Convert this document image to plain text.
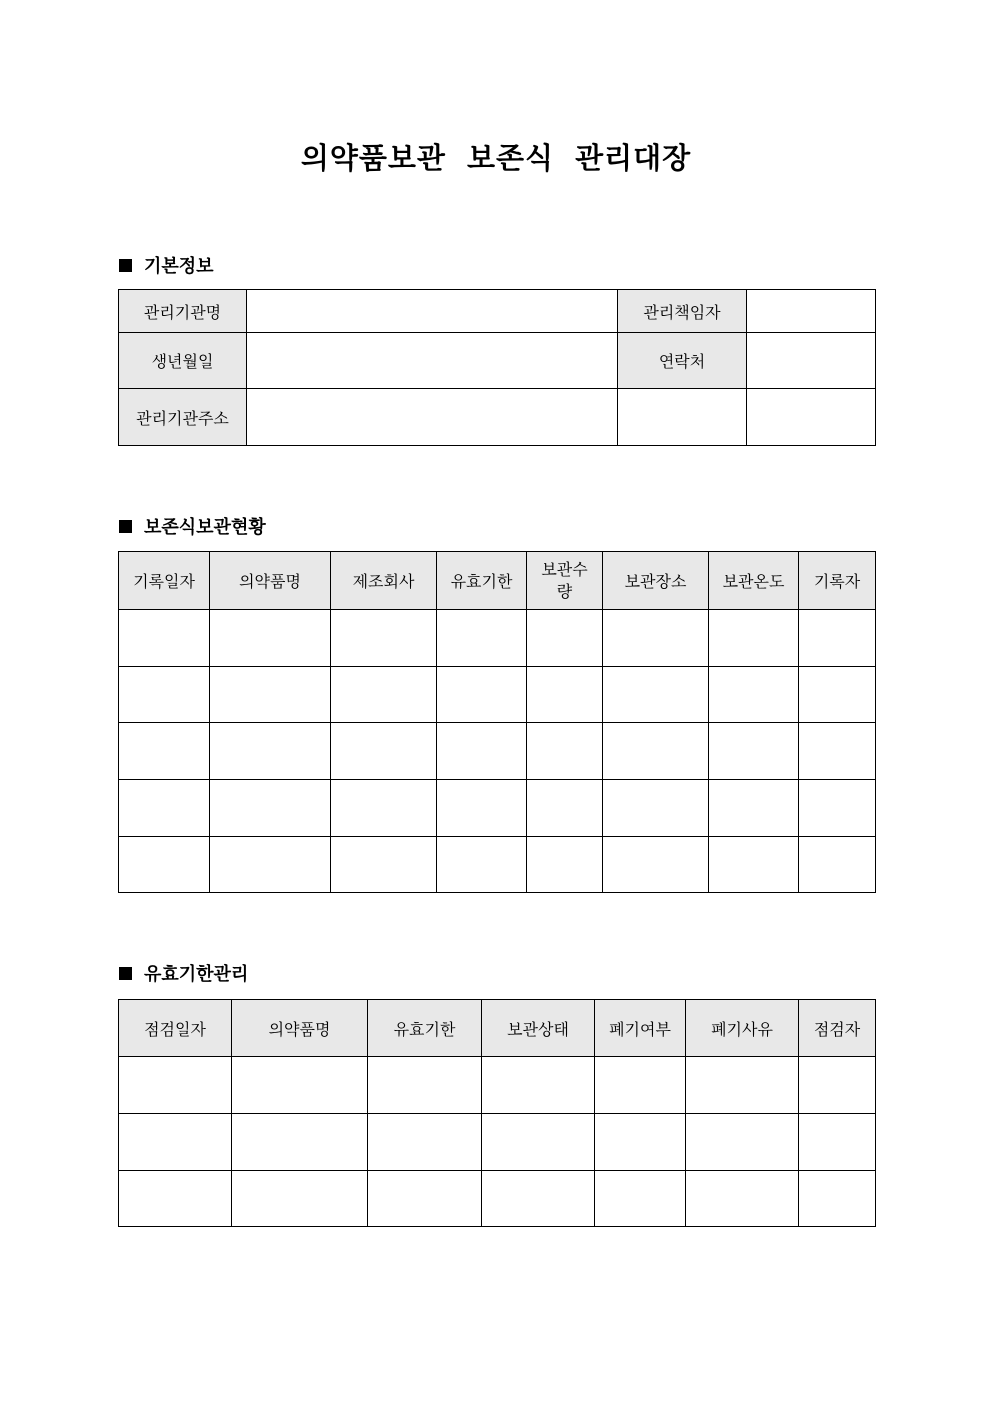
의약품보관 보존식 관리대장
기본정보
관리기관명		관리책임자	
생년월일		연락처	
관리기관주소			
보존식보관현황
기록일자	의약품명	제조회사	유효기한	보관수량	보관장소	보관온도	기록자

유효기한관리
점검일자	의약품명	유효기한	보관상태	폐기여부	폐기사유	점검자
